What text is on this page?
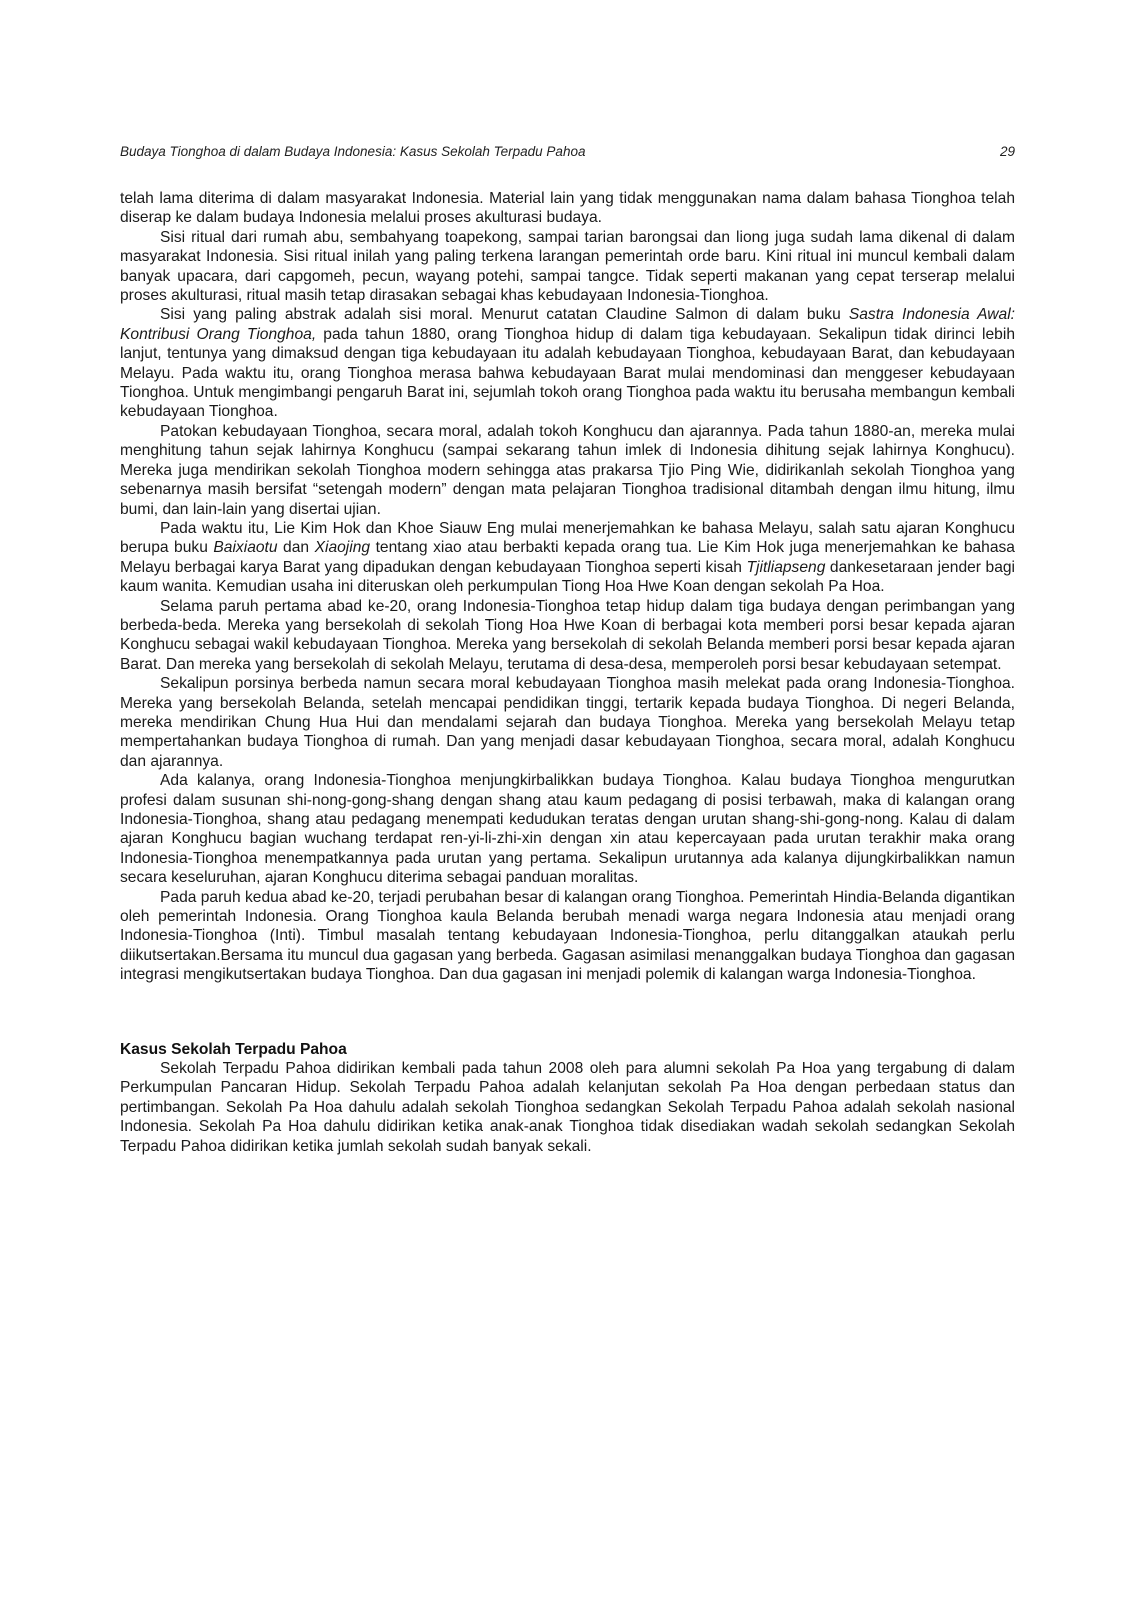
Budaya Tionghoa di dalam Budaya Indonesia: Kasus Sekolah Terpadu Pahoa	29

telah lama diterima di dalam masyarakat Indonesia. Material lain yang tidak menggunakan nama dalam bahasa Tionghoa telah diserap ke dalam budaya Indonesia melalui proses akulturasi budaya.

Sisi ritual dari rumah abu, sembahyang toapekong, sampai tarian barongsai dan liong juga sudah lama dikenal di dalam masyarakat Indonesia. Sisi ritual inilah yang paling terkena larangan pemerintah orde baru. Kini ritual ini muncul kembali dalam banyak upacara, dari capgomeh, pecun, wayang potehi, sampai tangce. Tidak seperti makanan yang cepat terserap melalui proses akulturasi, ritual masih tetap dirasakan sebagai khas kebudayaan Indonesia-Tionghoa.

Sisi yang paling abstrak adalah sisi moral. Menurut catatan Claudine Salmon di dalam buku Sastra Indonesia Awal: Kontribusi Orang Tionghoa, pada tahun 1880, orang Tionghoa hidup di dalam tiga kebudayaan. Sekalipun tidak dirinci lebih lanjut, tentunya yang dimaksud dengan tiga kebudayaan itu adalah kebudayaan Tionghoa, kebudayaan Barat, dan kebudayaan Melayu. Pada waktu itu, orang Tionghoa merasa bahwa kebudayaan Barat mulai mendominasi dan menggeser kebudayaan Tionghoa. Untuk mengimbangi pengaruh Barat ini, sejumlah tokoh orang Tionghoa pada waktu itu berusaha membangun kembali kebudayaan Tionghoa.

Patokan kebudayaan Tionghoa, secara moral, adalah tokoh Konghucu dan ajarannya. Pada tahun 1880-an, mereka mulai menghitung tahun sejak lahirnya Konghucu (sampai sekarang tahun imlek di Indonesia dihitung sejak lahirnya Konghucu). Mereka juga mendirikan sekolah Tionghoa modern sehingga atas prakarsa Tjio Ping Wie, didirikanlah sekolah Tionghoa yang sebenarnya masih bersifat “setengah modern” dengan mata pelajaran Tionghoa tradisional ditambah dengan ilmu hitung, ilmu bumi, dan lain-lain yang disertai ujian.

Pada waktu itu, Lie Kim Hok dan Khoe Siauw Eng mulai menerjemahkan ke bahasa Melayu, salah satu ajaran Konghucu berupa buku Baixiaotu dan Xiaojing tentang xiao atau berbakti kepada orang tua. Lie Kim Hok juga menerjemahkan ke bahasa Melayu berbagai karya Barat yang dipadukan dengan kebudayaan Tionghoa seperti kisah Tjitliapseng dankesetaraan jender bagi kaum wanita. Kemudian usaha ini diteruskan oleh perkumpulan Tiong Hoa Hwe Koan dengan sekolah Pa Hoa.

Selama paruh pertama abad ke-20, orang Indonesia-Tionghoa tetap hidup dalam tiga budaya dengan perimbangan yang berbeda-beda. Mereka yang bersekolah di sekolah Tiong Hoa Hwe Koan di berbagai kota memberi porsi besar kepada ajaran Konghucu sebagai wakil kebudayaan Tionghoa. Mereka yang bersekolah di sekolah Belanda memberi porsi besar kepada ajaran Barat. Dan mereka yang bersekolah di sekolah Melayu, terutama di desa-desa, memperoleh porsi besar kebudayaan setempat.

Sekalipun porsinya berbeda namun secara moral kebudayaan Tionghoa masih melekat pada orang Indonesia-Tionghoa. Mereka yang bersekolah Belanda, setelah mencapai pendidikan tinggi, tertarik kepada budaya Tionghoa. Di negeri Belanda, mereka mendirikan Chung Hua Hui dan mendalami sejarah dan budaya Tionghoa. Mereka yang bersekolah Melayu tetap mempertahankan budaya Tionghoa di rumah. Dan yang menjadi dasar kebudayaan Tionghoa, secara moral, adalah Konghucu dan ajarannya.

Ada kalanya, orang Indonesia-Tionghoa menjungkirbalikkan budaya Tionghoa. Kalau budaya Tionghoa mengurutkan profesi dalam susunan shi-nong-gong-shang dengan shang atau kaum pedagang di posisi terbawah, maka di kalangan orang Indonesia-Tionghoa, shang atau pedagang menempati kedudukan teratas dengan urutan shang-shi-gong-nong. Kalau di dalam ajaran Konghucu bagian wuchang terdapat ren-yi-li-zhi-xin dengan xin atau kepercayaan pada urutan terakhir maka orang Indonesia-Tionghoa menempatkannya pada urutan yang pertama. Sekalipun urutannya ada kalanya dijungkirbalikkan namun secara keseluruhan, ajaran Konghucu diterima sebagai panduan moralitas.

Pada paruh kedua abad ke-20, terjadi perubahan besar di kalangan orang Tionghoa. Pemerintah Hindia-Belanda digantikan oleh pemerintah Indonesia. Orang Tionghoa kaula Belanda berubah menadi warga negara Indonesia atau menjadi orang Indonesia-Tionghoa (Inti). Timbul masalah tentang kebudayaan Indonesia-Tionghoa, perlu ditanggalkan ataukah perlu diikutsertakan.Bersama itu muncul dua gagasan yang berbeda. Gagasan asimilasi menanggalkan budaya Tionghoa dan gagasan integrasi mengikutsertakan budaya Tionghoa. Dan dua gagasan ini menjadi polemik di kalangan warga Indonesia-Tionghoa.

Kasus Sekolah Terpadu Pahoa

Sekolah Terpadu Pahoa didirikan kembali pada tahun 2008 oleh para alumni sekolah Pa Hoa yang tergabung di dalam Perkumpulan Pancaran Hidup. Sekolah Terpadu Pahoa adalah kelanjutan sekolah Pa Hoa dengan perbedaan status dan pertimbangan. Sekolah Pa Hoa dahulu adalah sekolah Tionghoa sedangkan Sekolah Terpadu Pahoa adalah sekolah nasional Indonesia. Sekolah Pa Hoa dahulu didirikan ketika anak-anak Tionghoa tidak disediakan wadah sekolah sedangkan Sekolah Terpadu Pahoa didirikan ketika jumlah sekolah sudah banyak sekali.
